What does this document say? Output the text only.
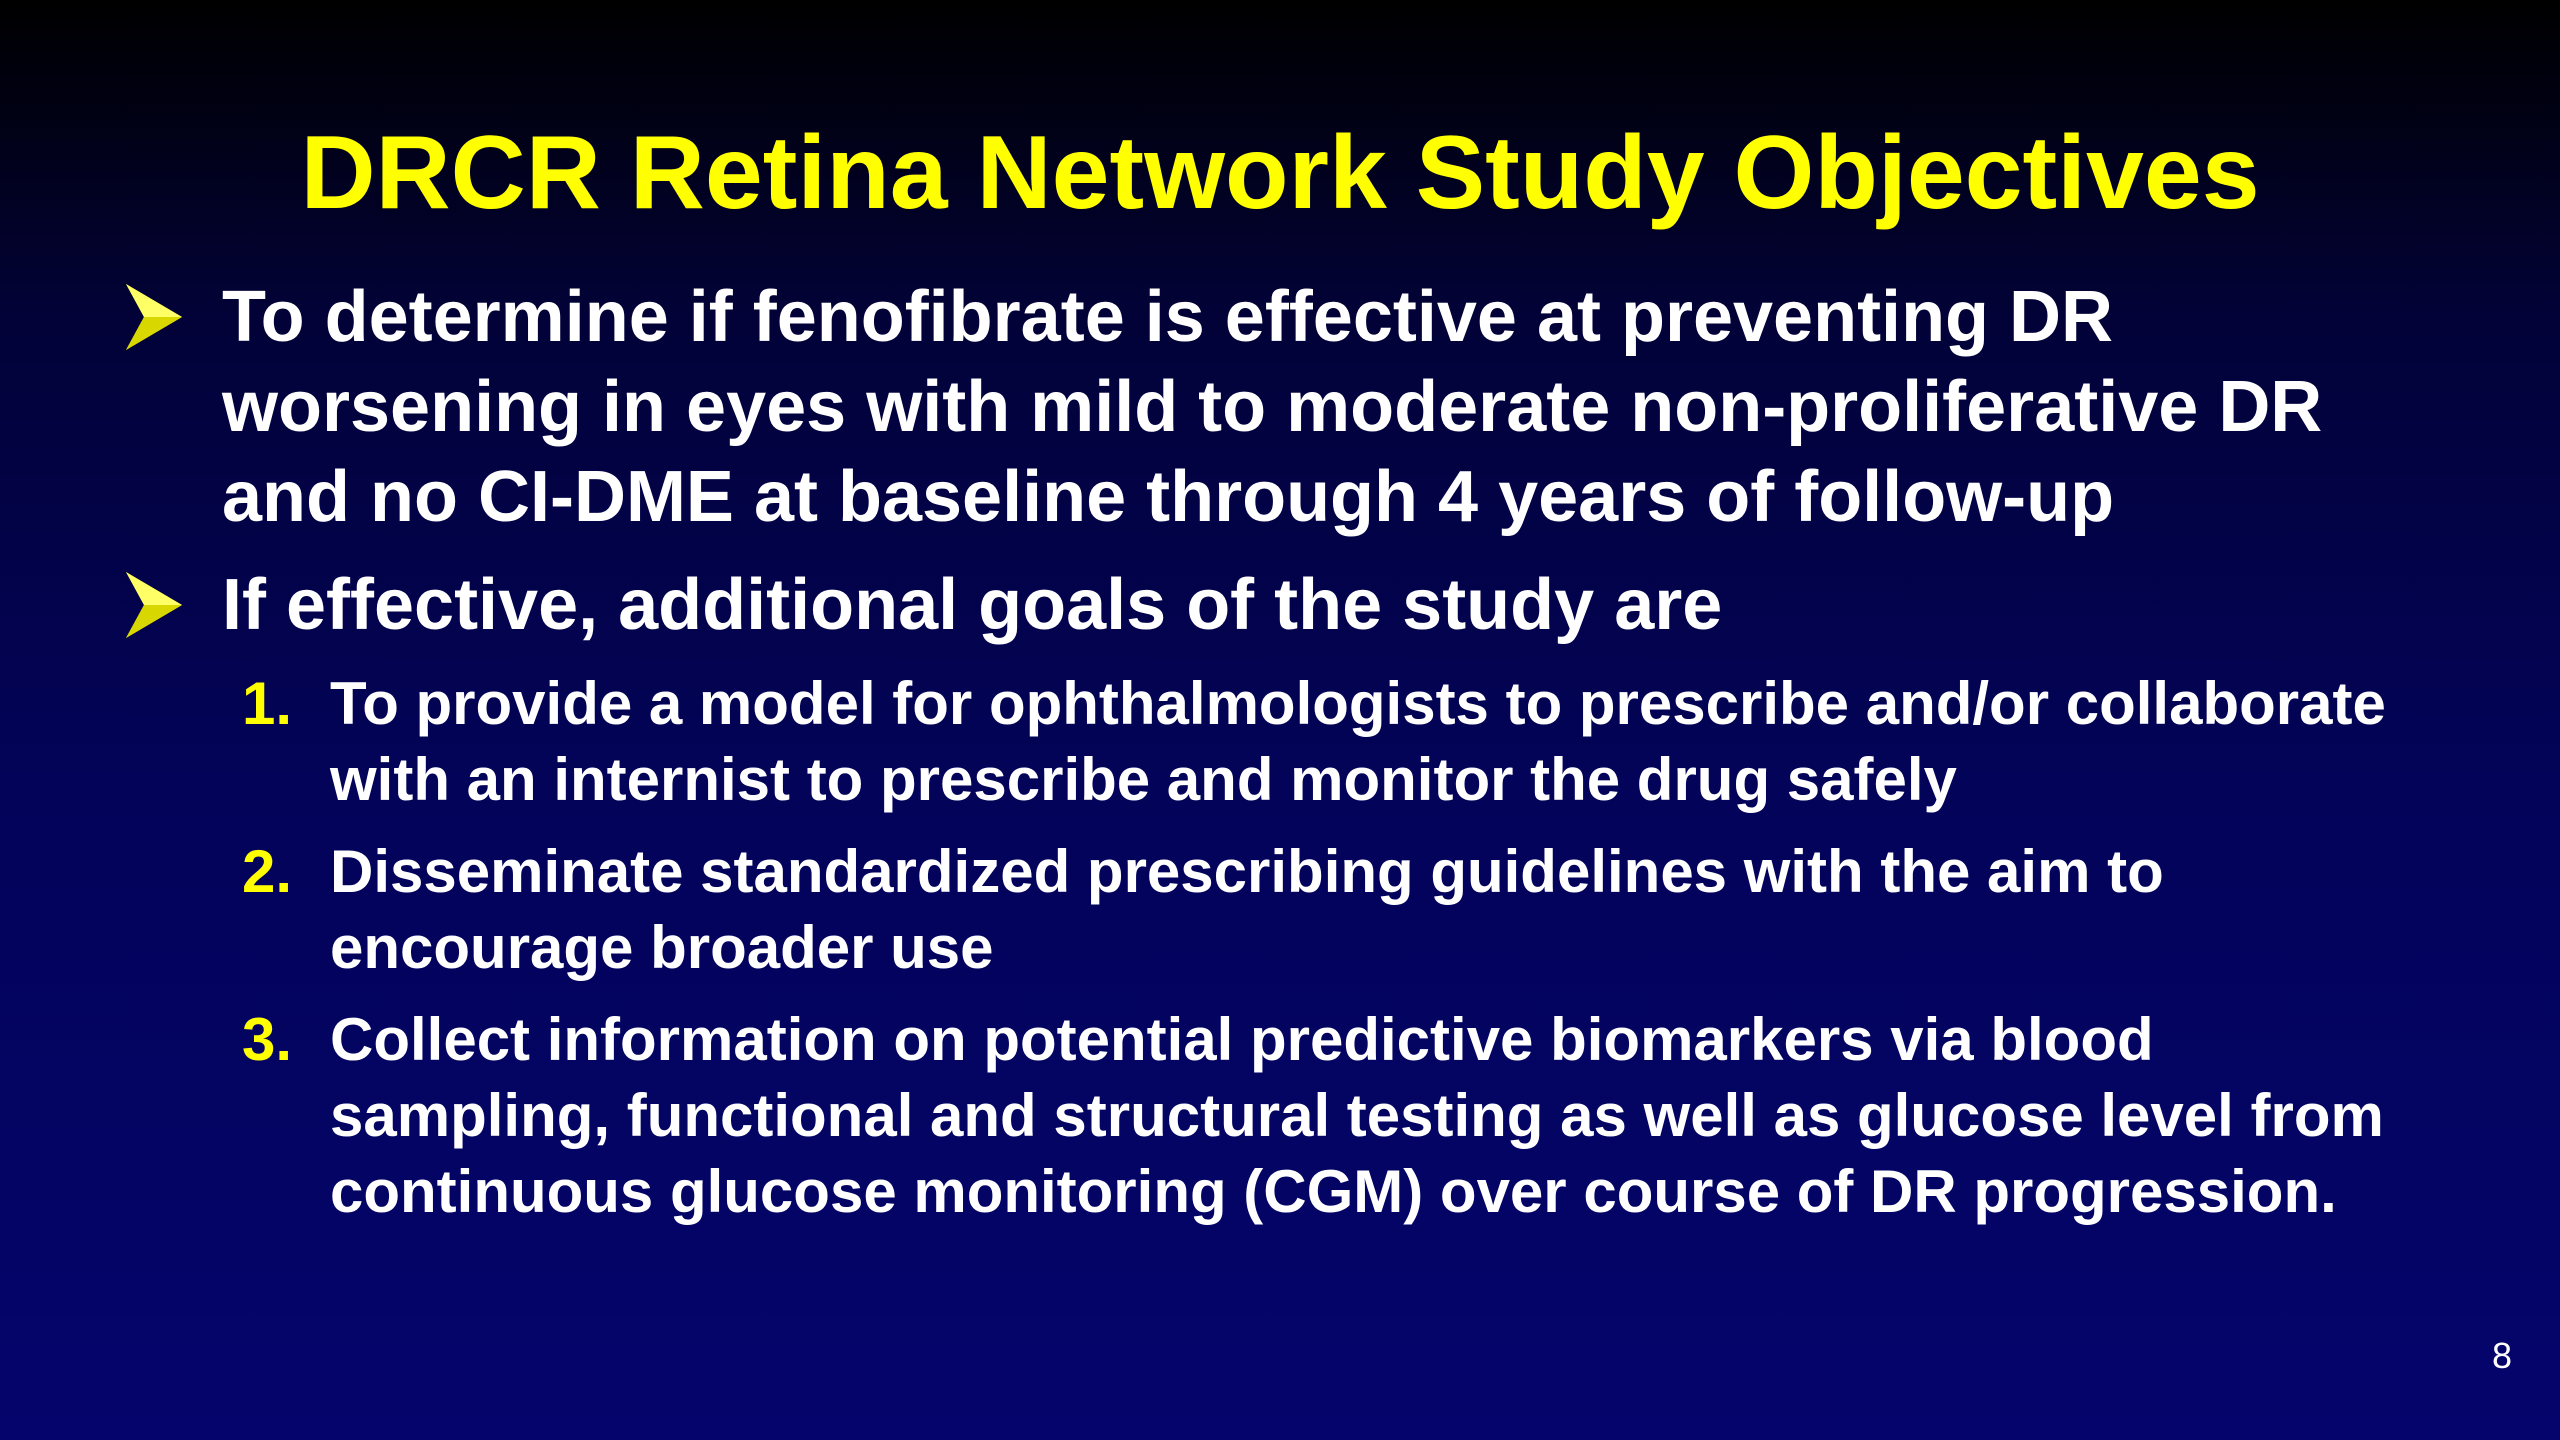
DRCR Retina Network Study Objectives
To determine if fenofibrate is effective at preventing DR worsening in eyes with mild to moderate non-proliferative DR and no CI-DME at baseline through 4 years of follow-up
If effective, additional goals of the study are
1. To provide a model for ophthalmologists to prescribe and/or collaborate with an internist to prescribe and monitor the drug safely
2. Disseminate standardized prescribing guidelines with the aim to encourage broader use
3. Collect information on potential predictive biomarkers via blood sampling, functional and structural testing as well as glucose level from continuous glucose monitoring (CGM) over course of DR progression.
8
